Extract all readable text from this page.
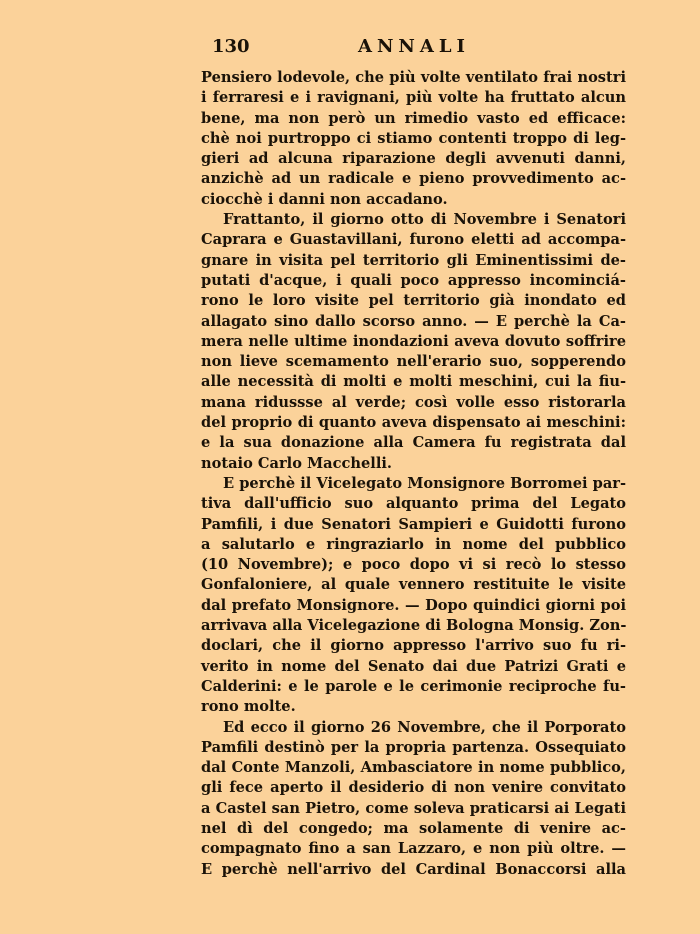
130	ANNALI
Pensiero lodevole, che più volte ventilato frai nostri
i ferraresi e i ravignani, più volte ha fruttato alcun
bene, ma non però un rimedio vasto ed efficace:
chè noi purtroppo ci stiamo contenti troppo di leg-
gieri ad alcuna riparazione degli avvenuti danni,
anzichè ad un radicale e pieno provvedimento ac-
ciocchè i danni non accadano.
Frattanto, il giorno otto di Novembre i Senatori
Caprara e Guastavillani, furono eletti ad accompa-
gnare in visita pel territorio gli Eminentissimi de-
putati d'acque, i quali poco appresso incominciá-
rono le loro visite pel territorio già inondato ed
allagato sino dallo scorso anno. — E perchè la Ca-
mera nelle ultime inondazioni aveva dovuto soffrire
non lieve scemamento nell'erario suo, sopperendo
alle necessità di molti e molti meschini, cui la fiu-
mana ridussse al verde; così volle esso ristorarla
del proprio di quanto aveva dispensato ai meschini:
e la sua donazione alla Camera fu registrata dal
notaio Carlo Macchelli.
E perchè il Vicelegato Monsignore Borromei par-
tiva dall'ufficio suo alquanto prima del Legato
Pamfili, i due Senatori Sampieri e Guidotti furono
a salutarlo e ringraziarlo in nome del pubblico
(10 Novembre); e poco dopo vi si recò lo stesso
Gonfaloniere, al quale vennero restituite le visite
dal prefato Monsignore. — Dopo quindici giorni poi
arrivava alla Vicelegazione di Bologna Monsig. Zon-
doclari, che il giorno appresso l'arrivo suo fu ri-
verito in nome del Senato dai due Patrizi Grati e
Calderini: e le parole e le cerimonie reciproche fu-
rono molte.
Ed ecco il giorno 26 Novembre, che il Porporato
Pamfili destinò per la propria partenza. Ossequiato
dal Conte Manzoli, Ambasciatore in nome pubblico,
gli fece aperto il desiderio di non venire convitato
a Castel san Pietro, come soleva praticarsi ai Legati
nel dì del congedo; ma solamente di venire ac-
compagnato fino a san Lazzaro, e non più oltre. —
E perchè nell'arrivo del Cardinal Bonaccorsi alla
